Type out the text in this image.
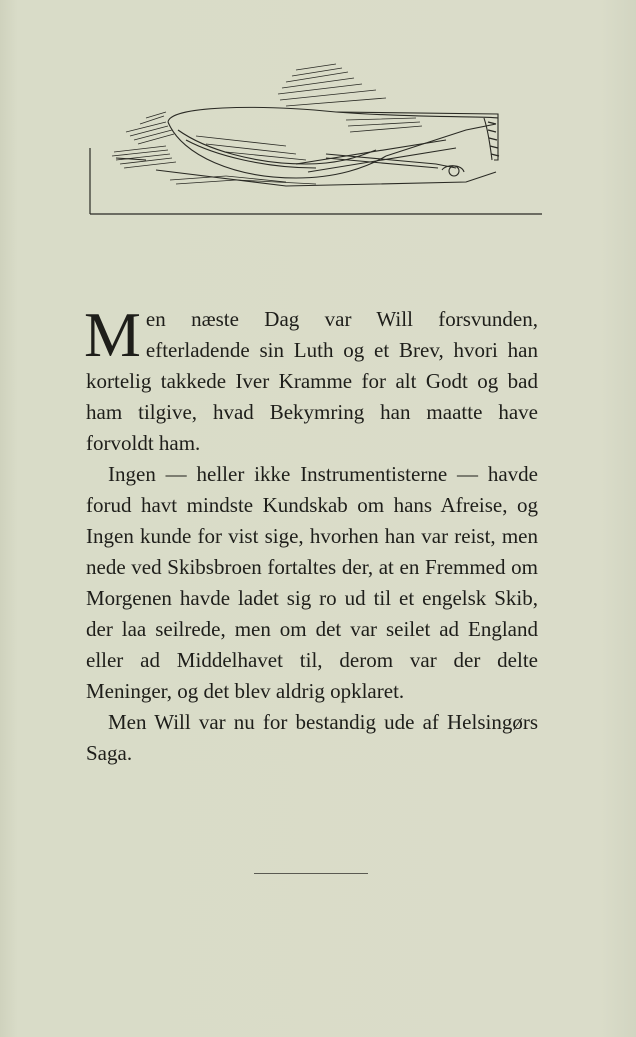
Men næste Dag var Will forsvunden, efterladende sin Luth og et Brev, hvori han kortelig takkede Iver Kramme for alt Godt og bad ham tilgive, hvad Bekymring han maatte have forvoldt ham.

Ingen — heller ikke Instrumentisterne — havde forud havt mindste Kundskab om hans Afreise, og Ingen kunde for vist sige, hvorhen han var reist, men nede ved Skibsbroen fortaltes der, at en Fremmed om Morgenen havde ladet sig ro ud til et engelsk Skib, der laa seilrede, men om det var seilet ad England eller ad Middelhavet til, derom var der delte Meninger, og det blev aldrig opklaret.

Men Will var nu for bestandig ude af Helsingørs Saga.
